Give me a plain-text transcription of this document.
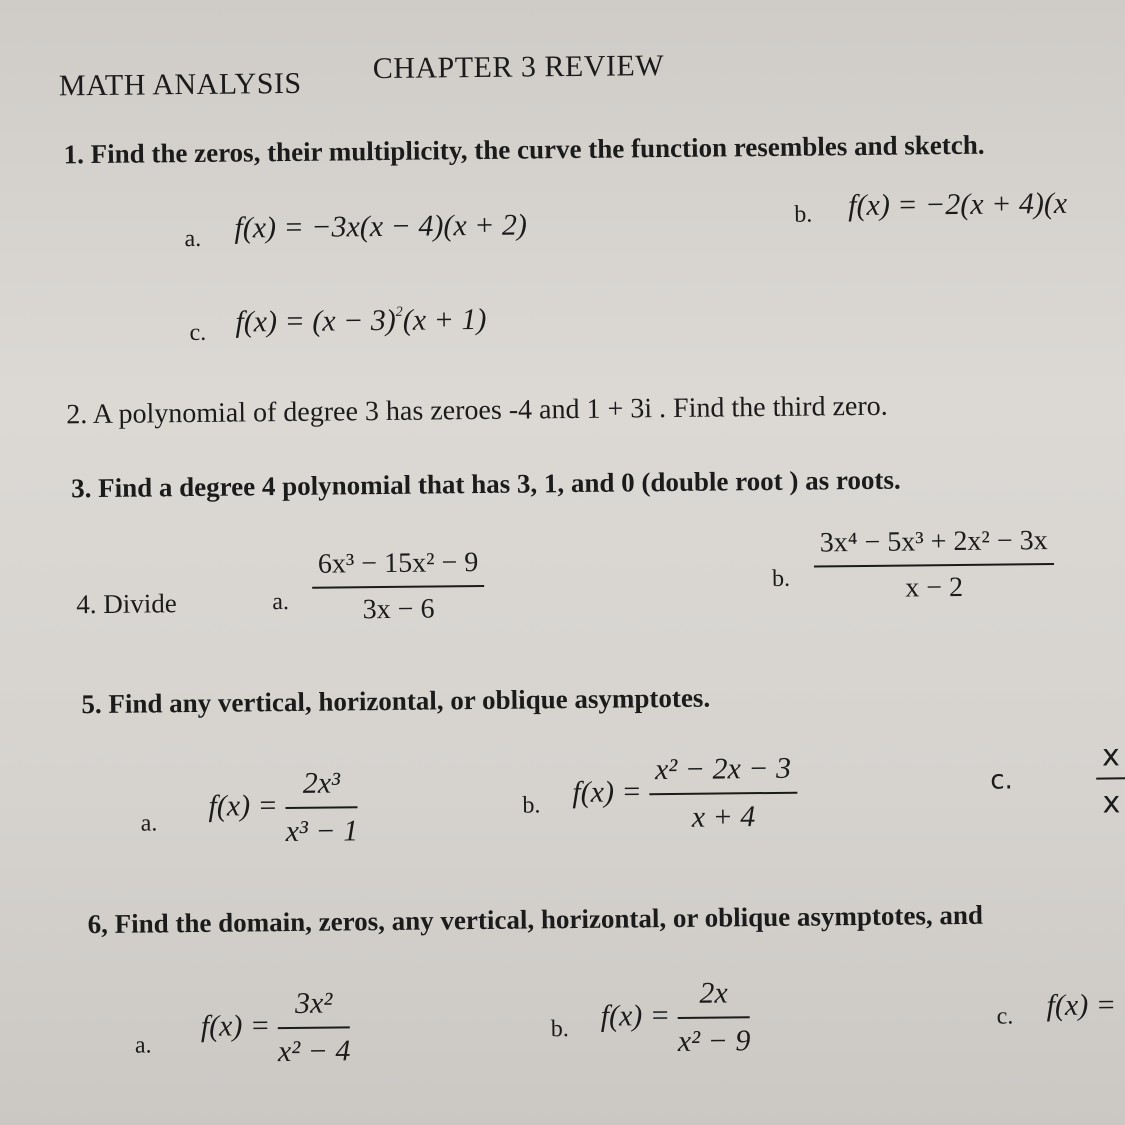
MATH ANALYSIS CHAPTER 3 REVIEW
1. Find the zeros, their multiplicity, the curve the function resembles and sketch.
a. f(x) = −3x(x − 4)(x + 2)	b. f(x) = −2(x + 4)(x
c. $f(x) = (x - 3)^2(x + 1)$
2. A polynomial of degree 3 has zeroes -4 and 1 + 3i . Find the third zero.
3. Find a degree 4 polynomial that has 3, 1, and 0 (double root ) as roots.
4. Divide	a. $\frac{\text{6x³ − 15x² − 9}}{3x - 6}$	b. $\frac{\text{3x⁴ − 5x³ + 2x² − 3x}}{x - 2}$
5. Find any vertical, horizontal, or oblique asymptotes.
a.
$f(x) = \frac{\text{2x³}}{\text{x³ − 1}}$	b. $f(x) = \frac{\text{x² − 2x − 3}}{x + 4}$	c.	$\frac{x}{x}$
6, Find the domain, zeros, any vertical, horizontal, or oblique asymptotes, and
a.
$f(x) = \frac{\text{3x²}}{\text{x² − 4}}$	b. $f(x) = \frac{2x}{\text{x² − 9}}$	c. f(x) =
